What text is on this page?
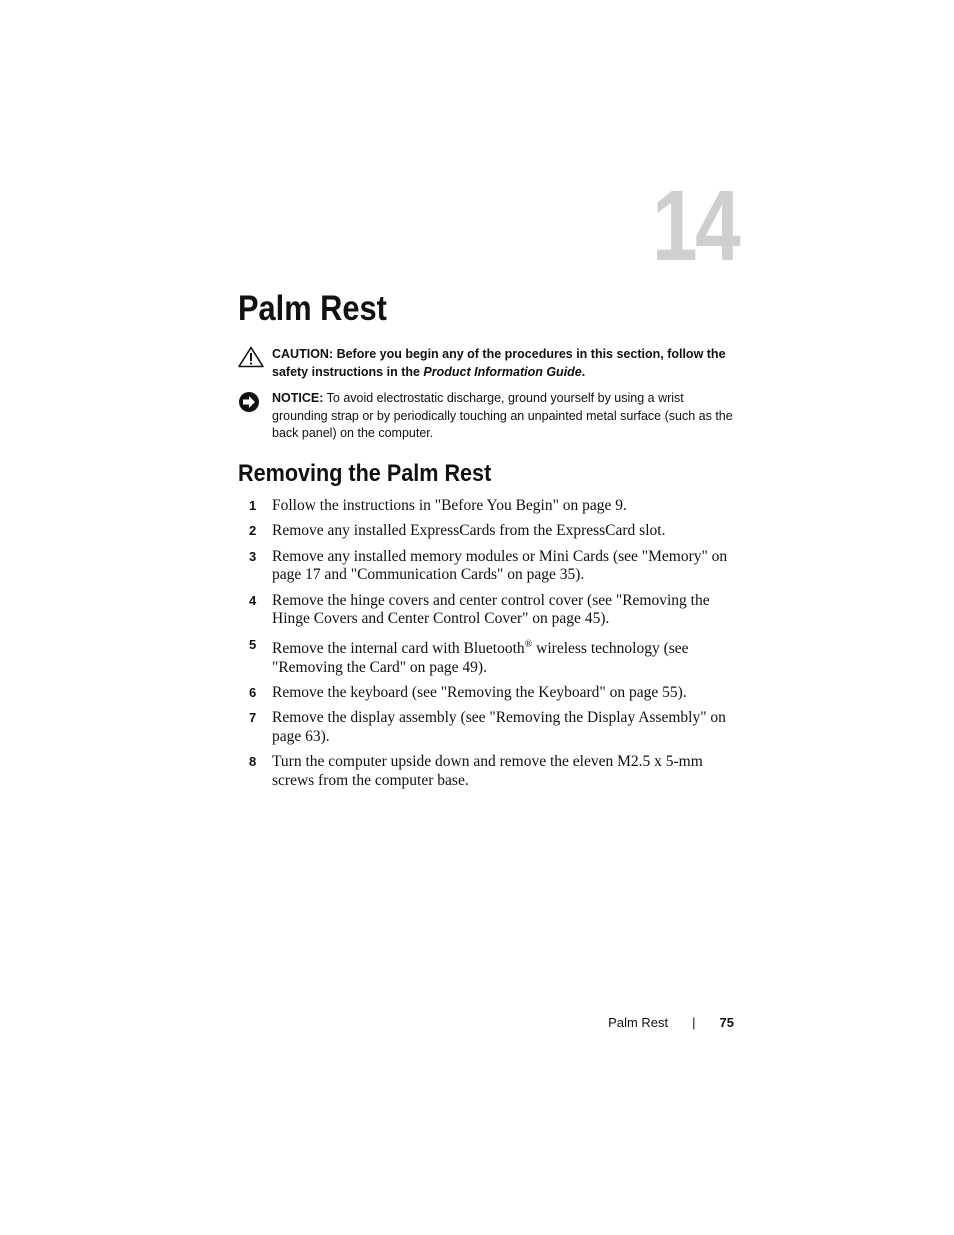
14
Palm Rest
CAUTION: Before you begin any of the procedures in this section, follow the safety instructions in the Product Information Guide.
NOTICE: To avoid electrostatic discharge, ground yourself by using a wrist grounding strap or by periodically touching an unpainted metal surface (such as the back panel) on the computer.
Removing the Palm Rest
1 Follow the instructions in "Before You Begin" on page 9.
2 Remove any installed ExpressCards from the ExpressCard slot.
3 Remove any installed memory modules or Mini Cards (see "Memory" on page 17 and "Communication Cards" on page 35).
4 Remove the hinge covers and center control cover (see "Removing the Hinge Covers and Center Control Cover" on page 45).
5 Remove the internal card with Bluetooth® wireless technology (see "Removing the Card" on page 49).
6 Remove the keyboard (see "Removing the Keyboard" on page 55).
7 Remove the display assembly (see "Removing the Display Assembly" on page 63).
8 Turn the computer upside down and remove the eleven M2.5 x 5-mm screws from the computer base.
Palm Rest | 75
